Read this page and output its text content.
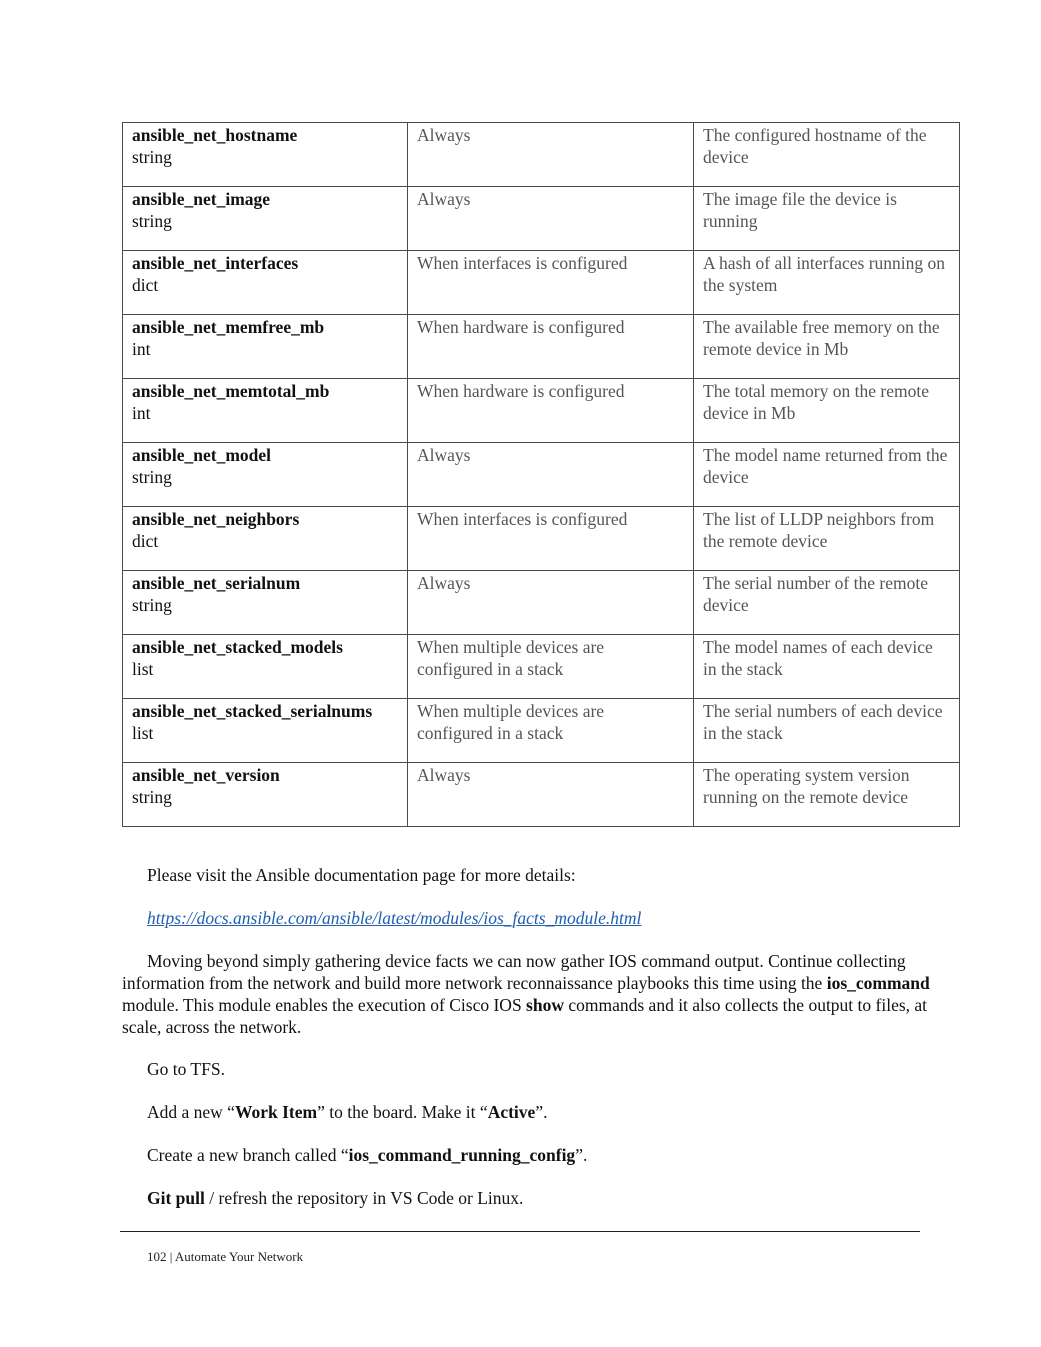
ansible_net_hostname
string	Always	The configured hostname of the device

ansible_net_image
string	Always	The image file the device is running

ansible_net_interfaces
dict	When interfaces is configured	A hash of all interfaces running on the system

ansible_net_memfree_mb
int	When hardware is configured	The available free memory on the remote device in Mb

ansible_net_memtotal_mb
int	When hardware is configured	The total memory on the remote device in Mb

ansible_net_model
string	Always	The model name returned from the device

ansible_net_neighbors
dict	When interfaces is configured	The list of LLDP neighbors from the remote device

ansible_net_serialnum
string	Always	The serial number of the remote device

ansible_net_stacked_models
list	When multiple devices are configured in a stack	The model names of each device in the stack

ansible_net_stacked_serialnums
list	When multiple devices are configured in a stack	The serial numbers of each device in the stack

ansible_net_version
string	Always	The operating system version running on the remote device
Please visit the Ansible documentation page for more details:
https://docs.ansible.com/ansible/latest/modules/ios_facts_module.html
Moving beyond simply gathering device facts we can now gather IOS command output. Continue collecting information from the network and build more network reconnaissance playbooks this time using the ios_command module. This module enables the execution of Cisco IOS show commands and it also collects the output to files, at scale, across the network.
Go to TFS.
Add a new “Work Item” to the board. Make it “Active”.
Create a new branch called “ios_command_running_config”.
Git pull / refresh the repository in VS Code or Linux.
102 | Automate Your Network
